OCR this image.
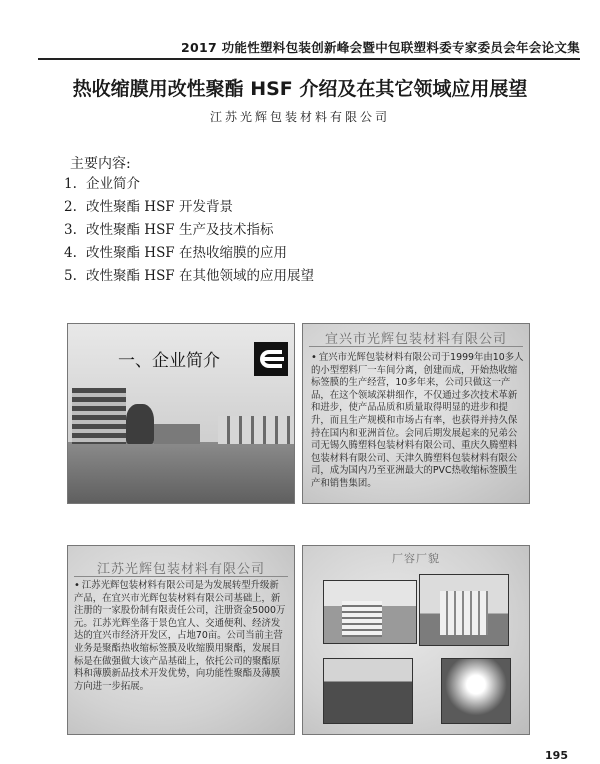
2017 功能性塑料包装创新峰会暨中包联塑料委专家委员会年会论文集
热收缩膜用改性聚酯 HSF 介绍及在其它领域应用展望
江苏光辉包装材料有限公司
主要内容:
1. 企业简介
2. 改性聚酯 HSF 开发背景
3. 改性聚酯 HSF 生产及技术指标
4. 改性聚酯 HSF 在热收缩膜的应用
5. 改性聚酯 HSF 在其他领域的应用展望
一、企业简介
宜兴市光辉包装材料有限公司
• 宜兴市光辉包装材料有限公司于1999年由10多人的小型塑料厂一车间分离，创建而成，开始热收缩标签膜的生产经营，10多年来，公司只做这一产品，在这个领域深耕细作，不仅通过多次技术革新和进步，使产品品质和质量取得明显的进步和提升，而且生产规模和市场占有率，也获得并持久保持在国内和亚洲首位。会同后期发展起来的兄弟公司无锡久腾塑料包装材料有限公司、重庆久腾塑料包装材料有限公司、天津久腾塑料包装材料有限公司，成为国内乃至亚洲最大的PVC热收缩标签膜生产和销售集团。
江苏光辉包装材料有限公司
• 江苏光辉包装材料有限公司是为发展转型升级新产品，在宜兴市光辉包装材料有限公司基础上，新注册的一家股份制有限责任公司，注册资金5000万元。江苏光辉坐落于景色宜人、交通便利、经济发达的宜兴市经济开发区，占地70亩。公司当前主营业务是聚酯热收缩标签膜及收缩膜用聚酯，发展目标是在做强做大该产品基础上，依托公司的聚酯原料和薄膜新品技术开发优势，向功能性聚酯及薄膜方向进一步拓展。
厂容厂貌
195
